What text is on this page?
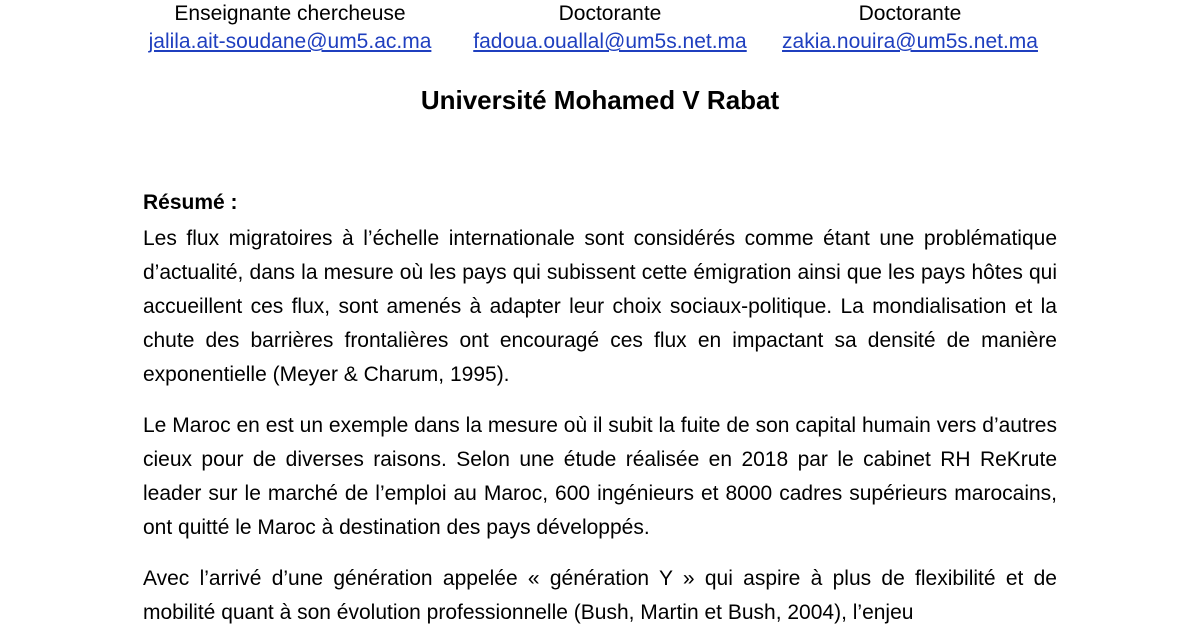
Enseignante chercheuse
jalila.ait-soudane@um5.ac.ma
Doctorante
fadoua.ouallal@um5s.net.ma
Doctorante
zakia.nouira@um5s.net.ma
Université Mohamed V Rabat
Résumé :

Les flux migratoires à l’échelle internationale sont considérés comme étant une problématique d’actualité, dans la mesure où les pays qui subissent cette émigration ainsi que les pays hôtes qui accueillent ces flux, sont amenés à adapter leur choix sociaux-politique. La mondialisation et la chute des barrières frontalières ont encouragé ces flux en impactant sa densité de manière exponentielle (Meyer & Charum, 1995).

Le Maroc en est un exemple dans la mesure où il subit la fuite de son capital humain vers d’autres cieux pour de diverses raisons. Selon une étude réalisée en 2018 par le cabinet RH ReKrute leader sur le marché de l’emploi au Maroc, 600 ingénieurs et 8000 cadres supérieurs marocains, ont quitté le Maroc à destination des pays développés.

Avec l’arrivé d’une génération appelée « génération Y » qui aspire à plus de flexibilité et de mobilité quant à son évolution professionnelle (Bush, Martin et Bush, 2004), l’enjeu
